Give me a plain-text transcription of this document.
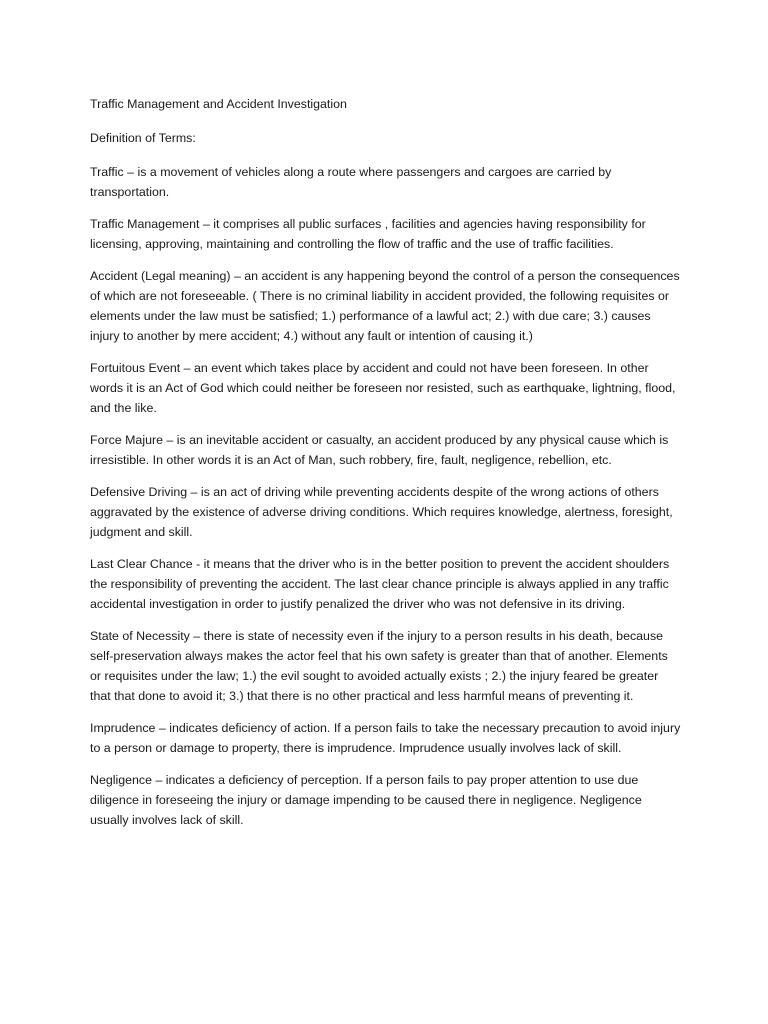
Traffic Management and Accident Investigation
Definition of Terms:
Traffic – is a movement of vehicles along a route where passengers and cargoes are carried by transportation.
Traffic Management – it comprises all public surfaces , facilities and agencies having responsibility for licensing, approving, maintaining and controlling the flow of traffic and the use of traffic facilities.
Accident (Legal meaning) – an accident is any happening beyond the control of a person the consequences of which are not foreseeable. ( There is no criminal liability in accident provided, the following requisites or elements under the law must be satisfied; 1.) performance of a lawful act; 2.) with due care; 3.) causes injury to another by mere accident; 4.) without any fault or intention of causing it.)
Fortuitous Event – an event which takes place by accident and could not have been foreseen. In other words it is an Act of God which could neither be foreseen nor resisted, such as earthquake, lightning, flood, and the like.
Force Majure – is an inevitable accident or casualty, an accident produced by any physical cause which is irresistible. In other words it is an Act of Man, such robbery, fire, fault, negligence, rebellion, etc.
Defensive Driving – is an act of driving while preventing accidents despite of the wrong actions of others aggravated by the existence of adverse driving conditions. Which requires knowledge, alertness, foresight, judgment and skill.
Last Clear Chance - it means that the driver who is in the better position to prevent the accident shoulders the responsibility of preventing the accident. The last clear chance principle is always applied in any traffic accidental investigation in order to justify penalized the driver who was not defensive in its driving.
State of Necessity – there is state of necessity even if the injury to a person results in his death, because self-preservation always makes the actor feel that his own safety is greater than that of another. Elements or requisites under the law; 1.) the evil sought to avoided actually exists ; 2.) the injury feared be greater that that done to avoid it; 3.) that there is no other practical and less harmful means of preventing it.
Imprudence – indicates deficiency of action. If a person fails to take the necessary precaution to avoid injury to a person or damage to property, there is imprudence. Imprudence usually involves lack of skill.
Negligence – indicates a deficiency of perception. If a person fails to pay proper attention to use due diligence in foreseeing the injury or damage impending to be caused there in negligence. Negligence usually involves lack of skill.
